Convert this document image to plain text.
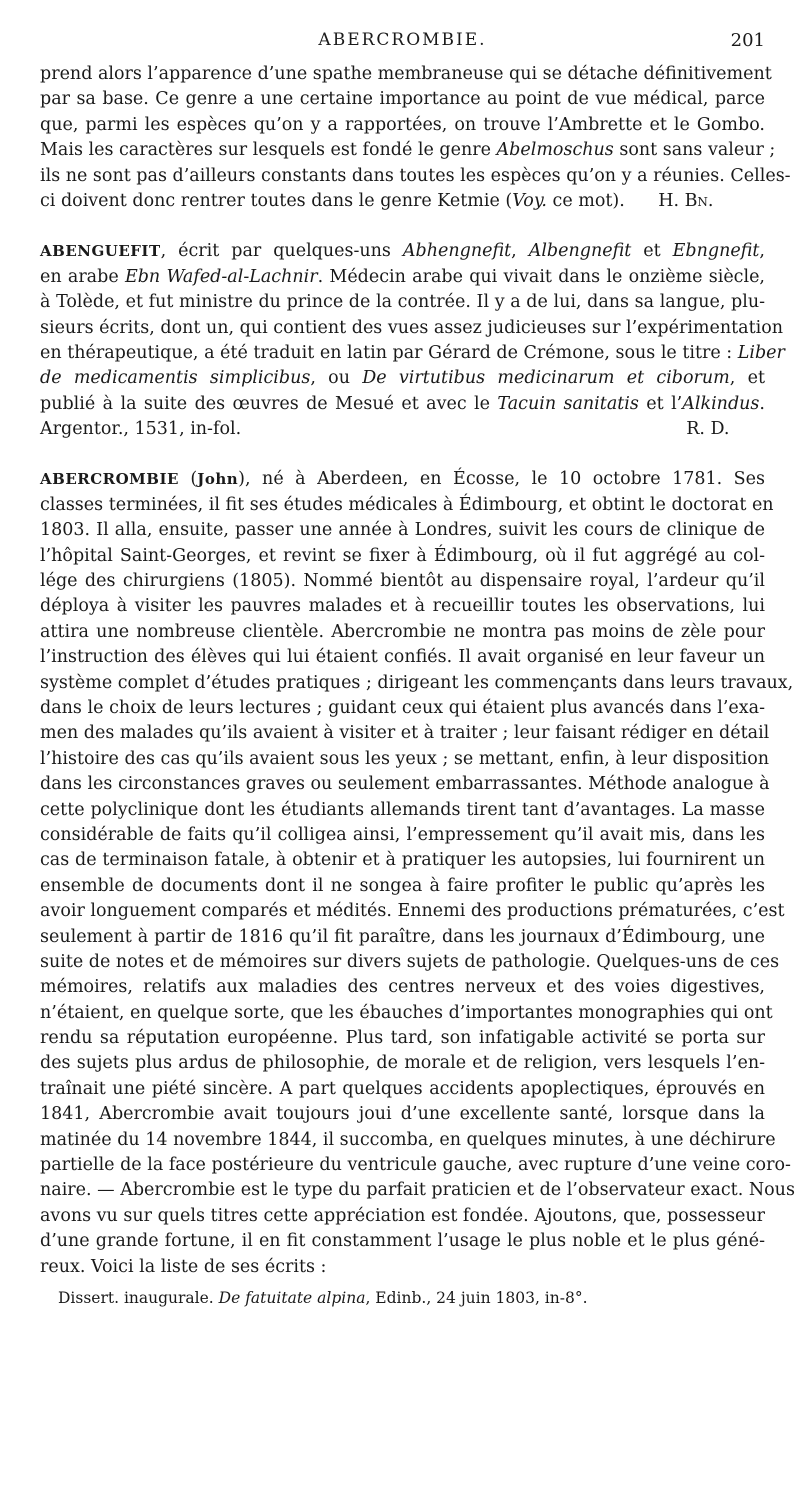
ABERCROMBIE.	201
prend alors l’apparence d’une spathe membraneuse qui se détache définitivement
par sa base. Ce genre a une certaine importance au point de vue médical, parce
que, parmi les espèces qu’on y a rapportées, on trouve l’Ambrette et le Gombo.
Mais les caractères sur lesquels est fondé le genre Abelmoschus sont sans valeur ;
ils ne sont pas d’ailleurs constants dans toutes les espèces qu’on y a réunies. Celles-
ci doivent donc rentrer toutes dans le genre Ketmie (Voy. ce mot). H. Bn.
ABENGUEFIT, écrit par quelques-uns Abhengnefit, Albengnefit et Ebngnefit,
en arabe Ebn Wafed-al-Lachnir. Médecin arabe qui vivait dans le onzième siècle,
à Tolède, et fut ministre du prince de la contrée. Il y a de lui, dans sa langue, plu-
sieurs écrits, dont un, qui contient des vues assez judicieuses sur l’expérimentation
en thérapeutique, a été traduit en latin par Gérard de Crémone, sous le titre : Liber
de medicamentis simplicibus, ou De virtutibus medicinarum et ciborum, et
publié à la suite des œuvres de Mesué et avec le Tacuin sanitatis et l’Alkindus.
Argentor., 1531, in-fol.	R. D.
ABERCROMBIE (John), né à Aberdeen, en Écosse, le 10 octobre 1781. Ses
classes terminées, il fit ses études médicales à Édimbourg, et obtint le doctorat en
1803. Il alla, ensuite, passer une année à Londres, suivit les cours de clinique de
l’hôpital Saint-Georges, et revint se fixer à Édimbourg, où il fut aggrégé au col-
lége des chirurgiens (1805). Nommé bientôt au dispensaire royal, l’ardeur qu’il
déploya à visiter les pauvres malades et à recueillir toutes les observations, lui
attira une nombreuse clientèle. Abercrombie ne montra pas moins de zèle pour
l’instruction des élèves qui lui étaient confiés. Il avait organisé en leur faveur un
système complet d’études pratiques ; dirigeant les commençants dans leurs travaux,
dans le choix de leurs lectures ; guidant ceux qui étaient plus avancés dans l’exa-
men des malades qu’ils avaient à visiter et à traiter ; leur faisant rédiger en détail
l’histoire des cas qu’ils avaient sous les yeux ; se mettant, enfin, à leur disposition
dans les circonstances graves ou seulement embarrassantes. Méthode analogue à
cette polyclinique dont les étudiants allemands tirent tant d’avantages. La masse
considérable de faits qu’il colligea ainsi, l’empressement qu’il avait mis, dans les
cas de terminaison fatale, à obtenir et à pratiquer les autopsies, lui fournirent un
ensemble de documents dont il ne songea à faire profiter le public qu’après les
avoir longuement comparés et médités. Ennemi des productions prématurées, c’est
seulement à partir de 1816 qu’il fit paraître, dans les journaux d’Édimbourg, une
suite de notes et de mémoires sur divers sujets de pathologie. Quelques-uns de ces
mémoires, relatifs aux maladies des centres nerveux et des voies digestives,
n’étaient, en quelque sorte, que les ébauches d’importantes monographies qui ont
rendu sa réputation européenne. Plus tard, son infatigable activité se porta sur
des sujets plus ardus de philosophie, de morale et de religion, vers lesquels l’en-
traînait une piété sincère. A part quelques accidents apoplectiques, éprouvés en
1841, Abercrombie avait toujours joui d’une excellente santé, lorsque dans la
matinée du 14 novembre 1844, il succomba, en quelques minutes, à une déchirure
partielle de la face postérieure du ventricule gauche, avec rupture d’une veine coro-
naire. — Abercrombie est le type du parfait praticien et de l’observateur exact. Nous
avons vu sur quels titres cette appréciation est fondée. Ajoutons, que, possesseur
d’une grande fortune, il en fit constamment l’usage le plus noble et le plus géné-
reux. Voici la liste de ses écrits :
Dissert. inaugurale. De fatuitate alpina, Edinb., 24 juin 1803, in-8°.
